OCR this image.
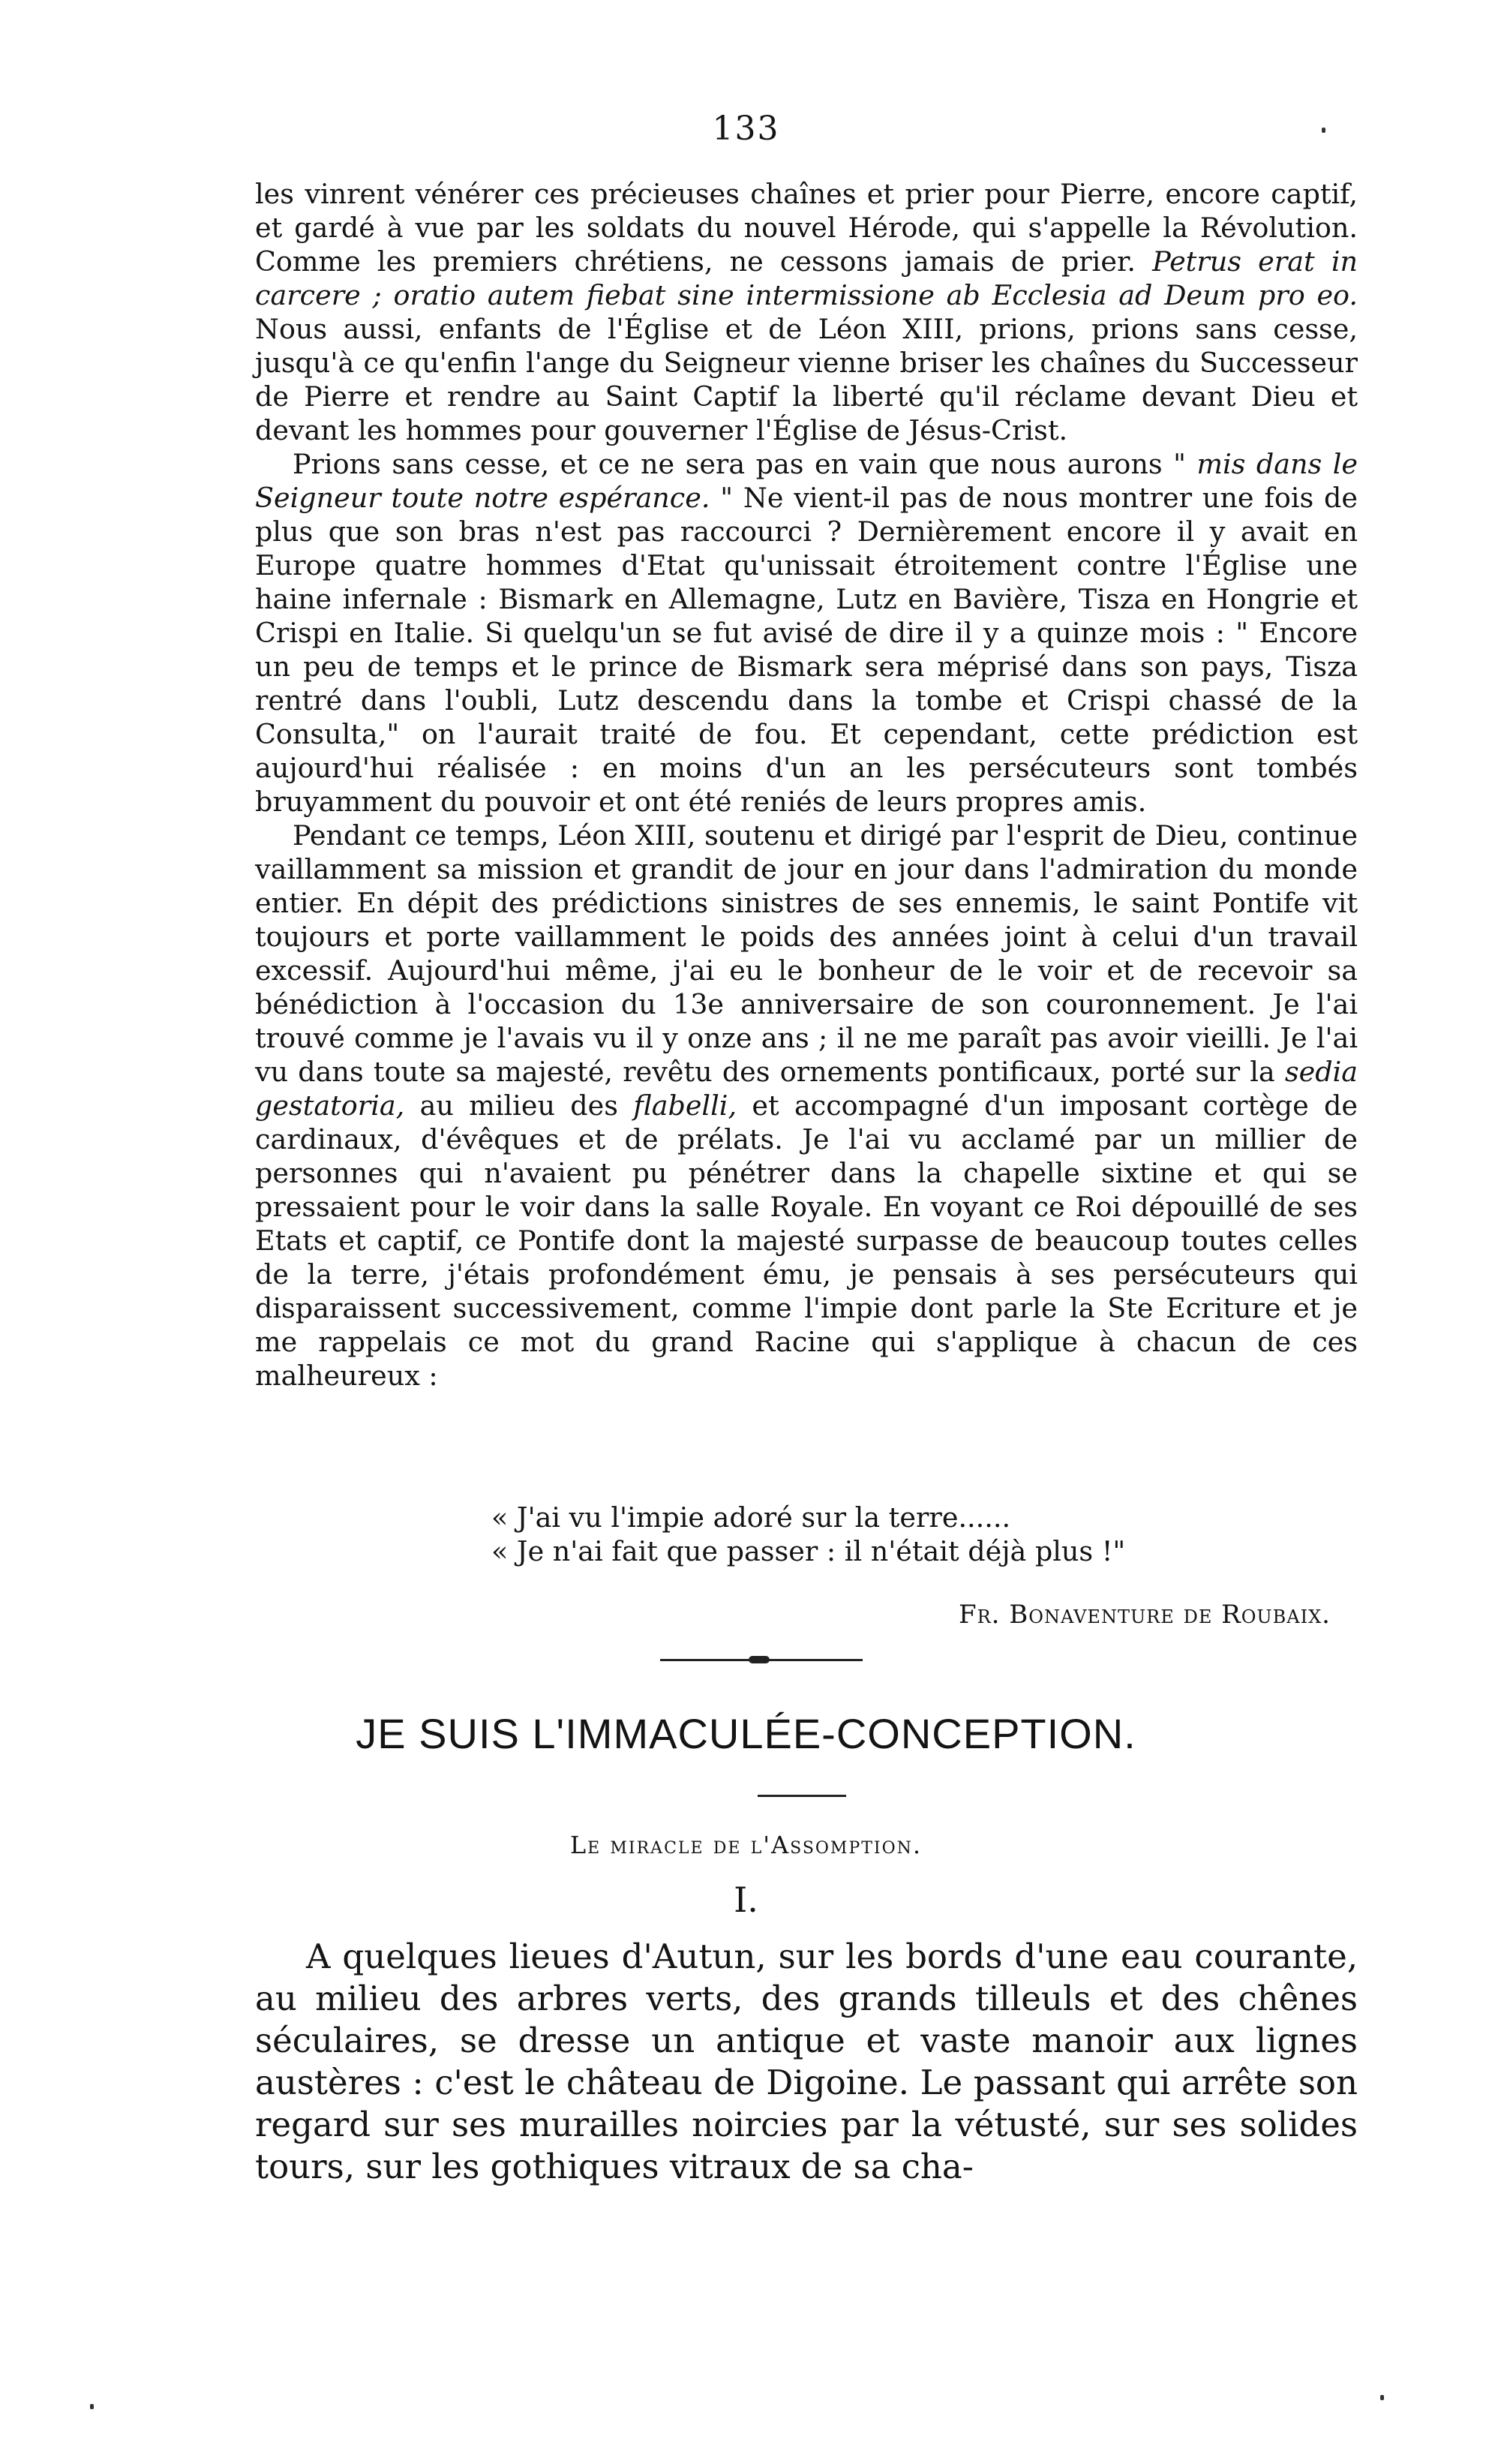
133

les vinrent vénérer ces précieuses chaînes et prier pour Pierre, encore captif, et gardé à vue par les soldats du nouvel Hérode, qui s'appelle la Révolution. Comme les premiers chrétiens, ne cessons jamais de prier. Petrus erat in carcere ; oratio autem fiebat sine intermissione ab Ecclesia ad Deum pro eo. Nous aussi, enfants de l'Église et de Léon XIII, prions, prions sans cesse, jusqu'à ce qu'enfin l'ange du Seigneur vienne briser les chaînes du Successeur de Pierre et rendre au Saint Captif la liberté qu'il réclame devant Dieu et devant les hommes pour gouverner l'Église de Jésus-Crist.

Prions sans cesse, et ce ne sera pas en vain que nous aurons " mis dans le Seigneur toute notre espérance. " Ne vient-il pas de nous montrer une fois de plus que son bras n'est pas raccourci ? Dernièrement encore il y avait en Europe quatre hommes d'Etat qu'unissait étroitement contre l'Église une haine infernale : Bismark en Allemagne, Lutz en Bavière, Tisza en Hongrie et Crispi en Italie. Si quelqu'un se fut avisé de dire il y a quinze mois : " Encore un peu de temps et le prince de Bismark sera méprisé dans son pays, Tisza rentré dans l'oubli, Lutz descendu dans la tombe et Crispi chassé de la Consulta," on l'aurait traité de fou. Et cependant, cette prédiction est aujourd'hui réalisée : en moins d'un an les persécuteurs sont tombés bruyamment du pouvoir et ont été reniés de leurs propres amis.

Pendant ce temps, Léon XIII, soutenu et dirigé par l'esprit de Dieu, continue vaillamment sa mission et grandit de jour en jour dans l'admiration du monde entier. En dépit des prédictions sinistres de ses ennemis, le saint Pontife vit toujours et porte vaillamment le poids des années joint à celui d'un travail excessif. Aujourd'hui même, j'ai eu le bonheur de le voir et de recevoir sa bénédiction à l'occasion du 13e anniversaire de son couronnement. Je l'ai trouvé comme je l'avais vu il y onze ans ; il ne me paraît pas avoir vieilli. Je l'ai vu dans toute sa majesté, revêtu des ornements pontificaux, porté sur la sedia gestatoria, au milieu des flabelli, et accompagné d'un imposant cortège de cardinaux, d'évêques et de prélats. Je l'ai vu acclamé par un millier de personnes qui n'avaient pu pénétrer dans la chapelle sixtine et qui se pressaient pour le voir dans la salle Royale. En voyant ce Roi dépouillé de ses Etats et captif, ce Pontife dont la majesté surpasse de beaucoup toutes celles de la terre, j'étais profondément ému, je pensais à ses persécuteurs qui disparaissent successivement, comme l'impie dont parle la Ste Ecriture et je me rappelais ce mot du grand Racine qui s'applique à chacun de ces malheureux :

« J'ai vu l'impie adoré sur la terre......
« Je n'ai fait que passer : il n'était déjà plus !"
Fr. Bonaventure de Roubaix.
JE SUIS L'IMMACULÉE-CONCEPTION.
Le miracle de l'Assomption.
I.

A quelques lieues d'Autun, sur les bords d'une eau courante, au milieu des arbres verts, des grands tilleuls et des chênes séculaires, se dresse un antique et vaste manoir aux lignes austères : c'est le château de Digoine. Le passant qui arrête son regard sur ses murailles noircies par la vétusté, sur ses solides tours, sur les gothiques vitraux de sa cha-
